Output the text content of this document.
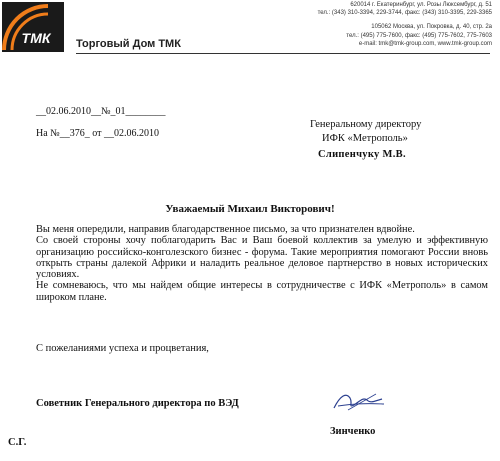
ТМК Торговый Дом ТМК
620014 г. Екатеринбург, ул. Розы Люксембург, д. 51
тел.: (343) 310-3394, 229-3744, факс: (343) 310-3395, 229-3365
105062 Москва, ул. Покровка, д. 40, стр. 2а
тел.: (495) 775-7600, факс: (495) 775-7602, 775-7603
e-mail: tmk@tmk-group.com, www.tmk-group.com
__02.06.2010__№_01________
На №__376_ от __02.06.2010
Генеральному директору
ИФК «Метрополь»
Слипенчуку М.В.
Уважаемый Михаил Викторович!

Вы меня опередили, направив благодарственное письмо, за что признателен вдвойне.

Со своей стороны хочу поблагодарить Вас и Ваш боевой коллектив за умелую и эффективную организацию российско-конголезского бизнес - форума. Такие мероприятия помогают России вновь открыть страны далекой Африки и наладить реальное деловое партнерство в новых исторических условиях.

Не сомневаюсь, что мы найдем общие интересы в сотрудничестве с ИФК «Метрополь» в самом широком плане.

С пожеланиями успеха и процветания,
Советник Генерального директора по ВЭД
Зинченко
С.Г.
